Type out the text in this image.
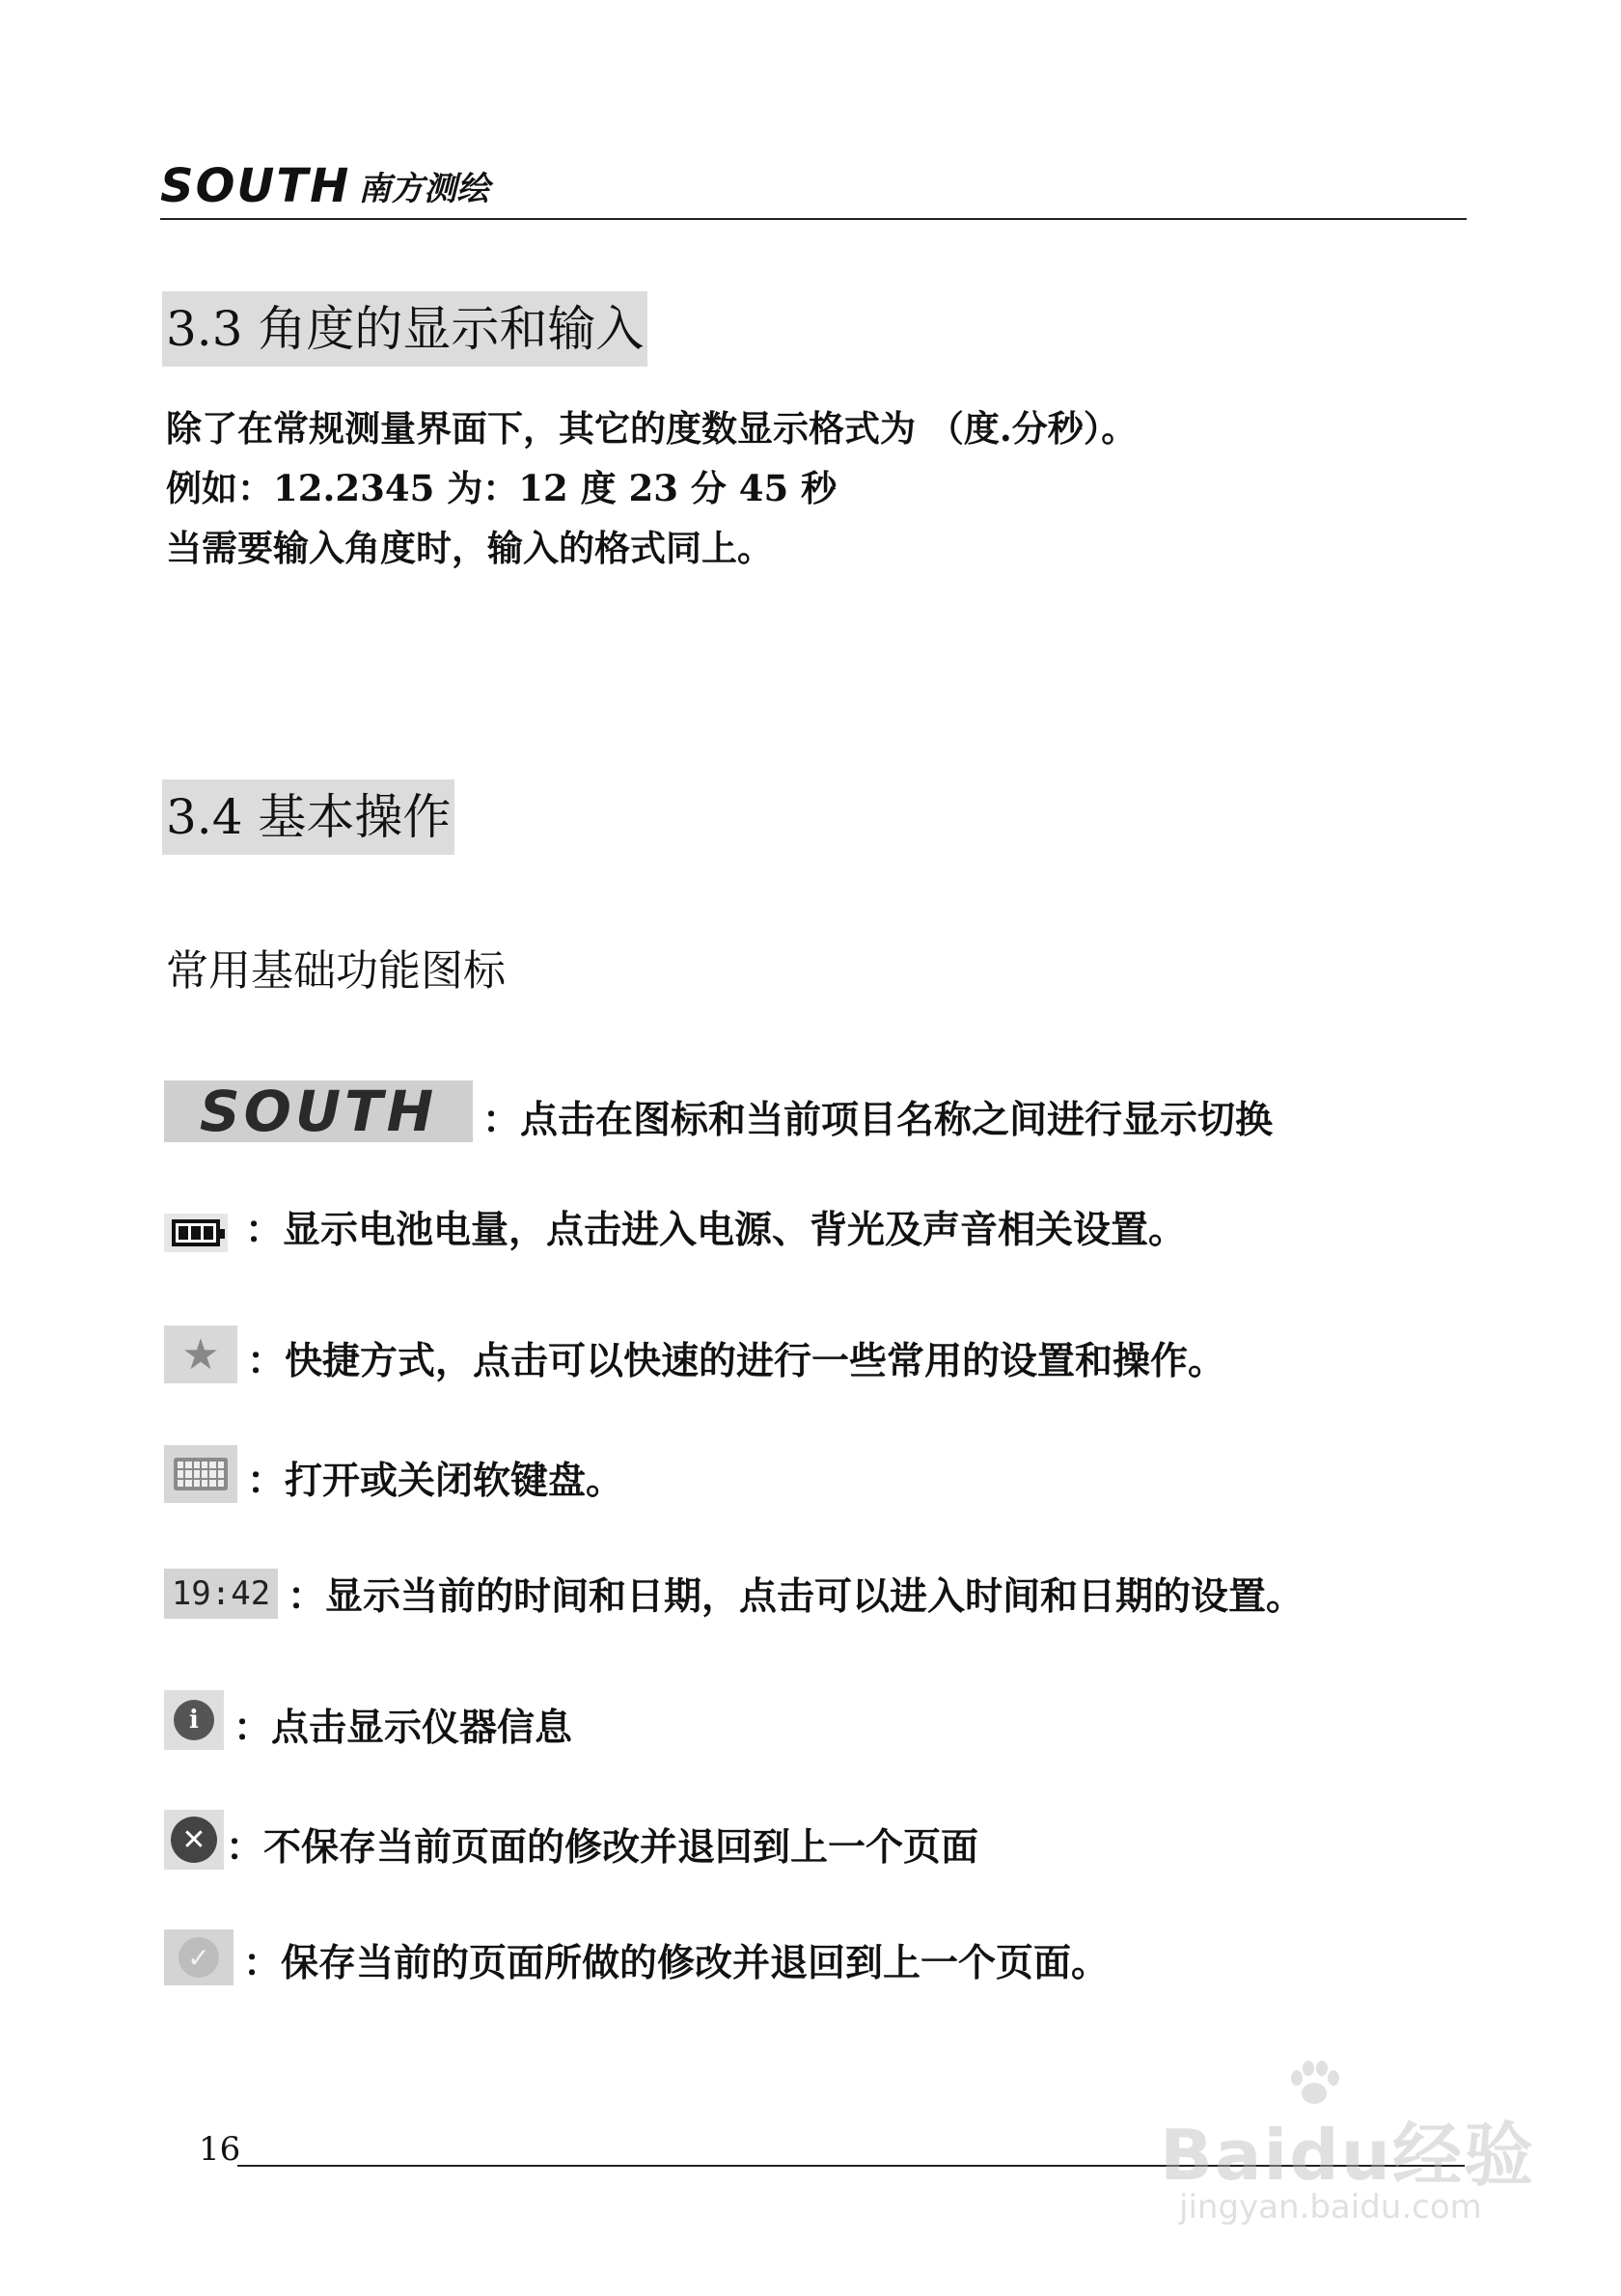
SOUTH 南方测绘
3.3 角度的显示和输入
除了在常规测量界面下，其它的度数显示格式为 （度.分秒）。
例如：12.2345 为：12 度 23 分 45 秒
当需要输入角度时，输入的格式同上。
3.4 基本操作
常用基础功能图标
SOUTH	：点击在图标和当前项目名称之间进行显示切换
：显示电池电量，点击进入电源、背光及声音相关设置。
★ ：快捷方式，点击可以快速的进行一些常用的设置和操作。
：打开或关闭软键盘。
19:42 ：显示当前的时间和日期，点击可以进入时间和日期的设置。
i ：点击显示仪器信息
✕ ：不保存当前页面的修改并退回到上一个页面
✓ ：保存当前的页面所做的修改并退回到上一个页面。
16	Baidu经验
jingyan.baidu.com
